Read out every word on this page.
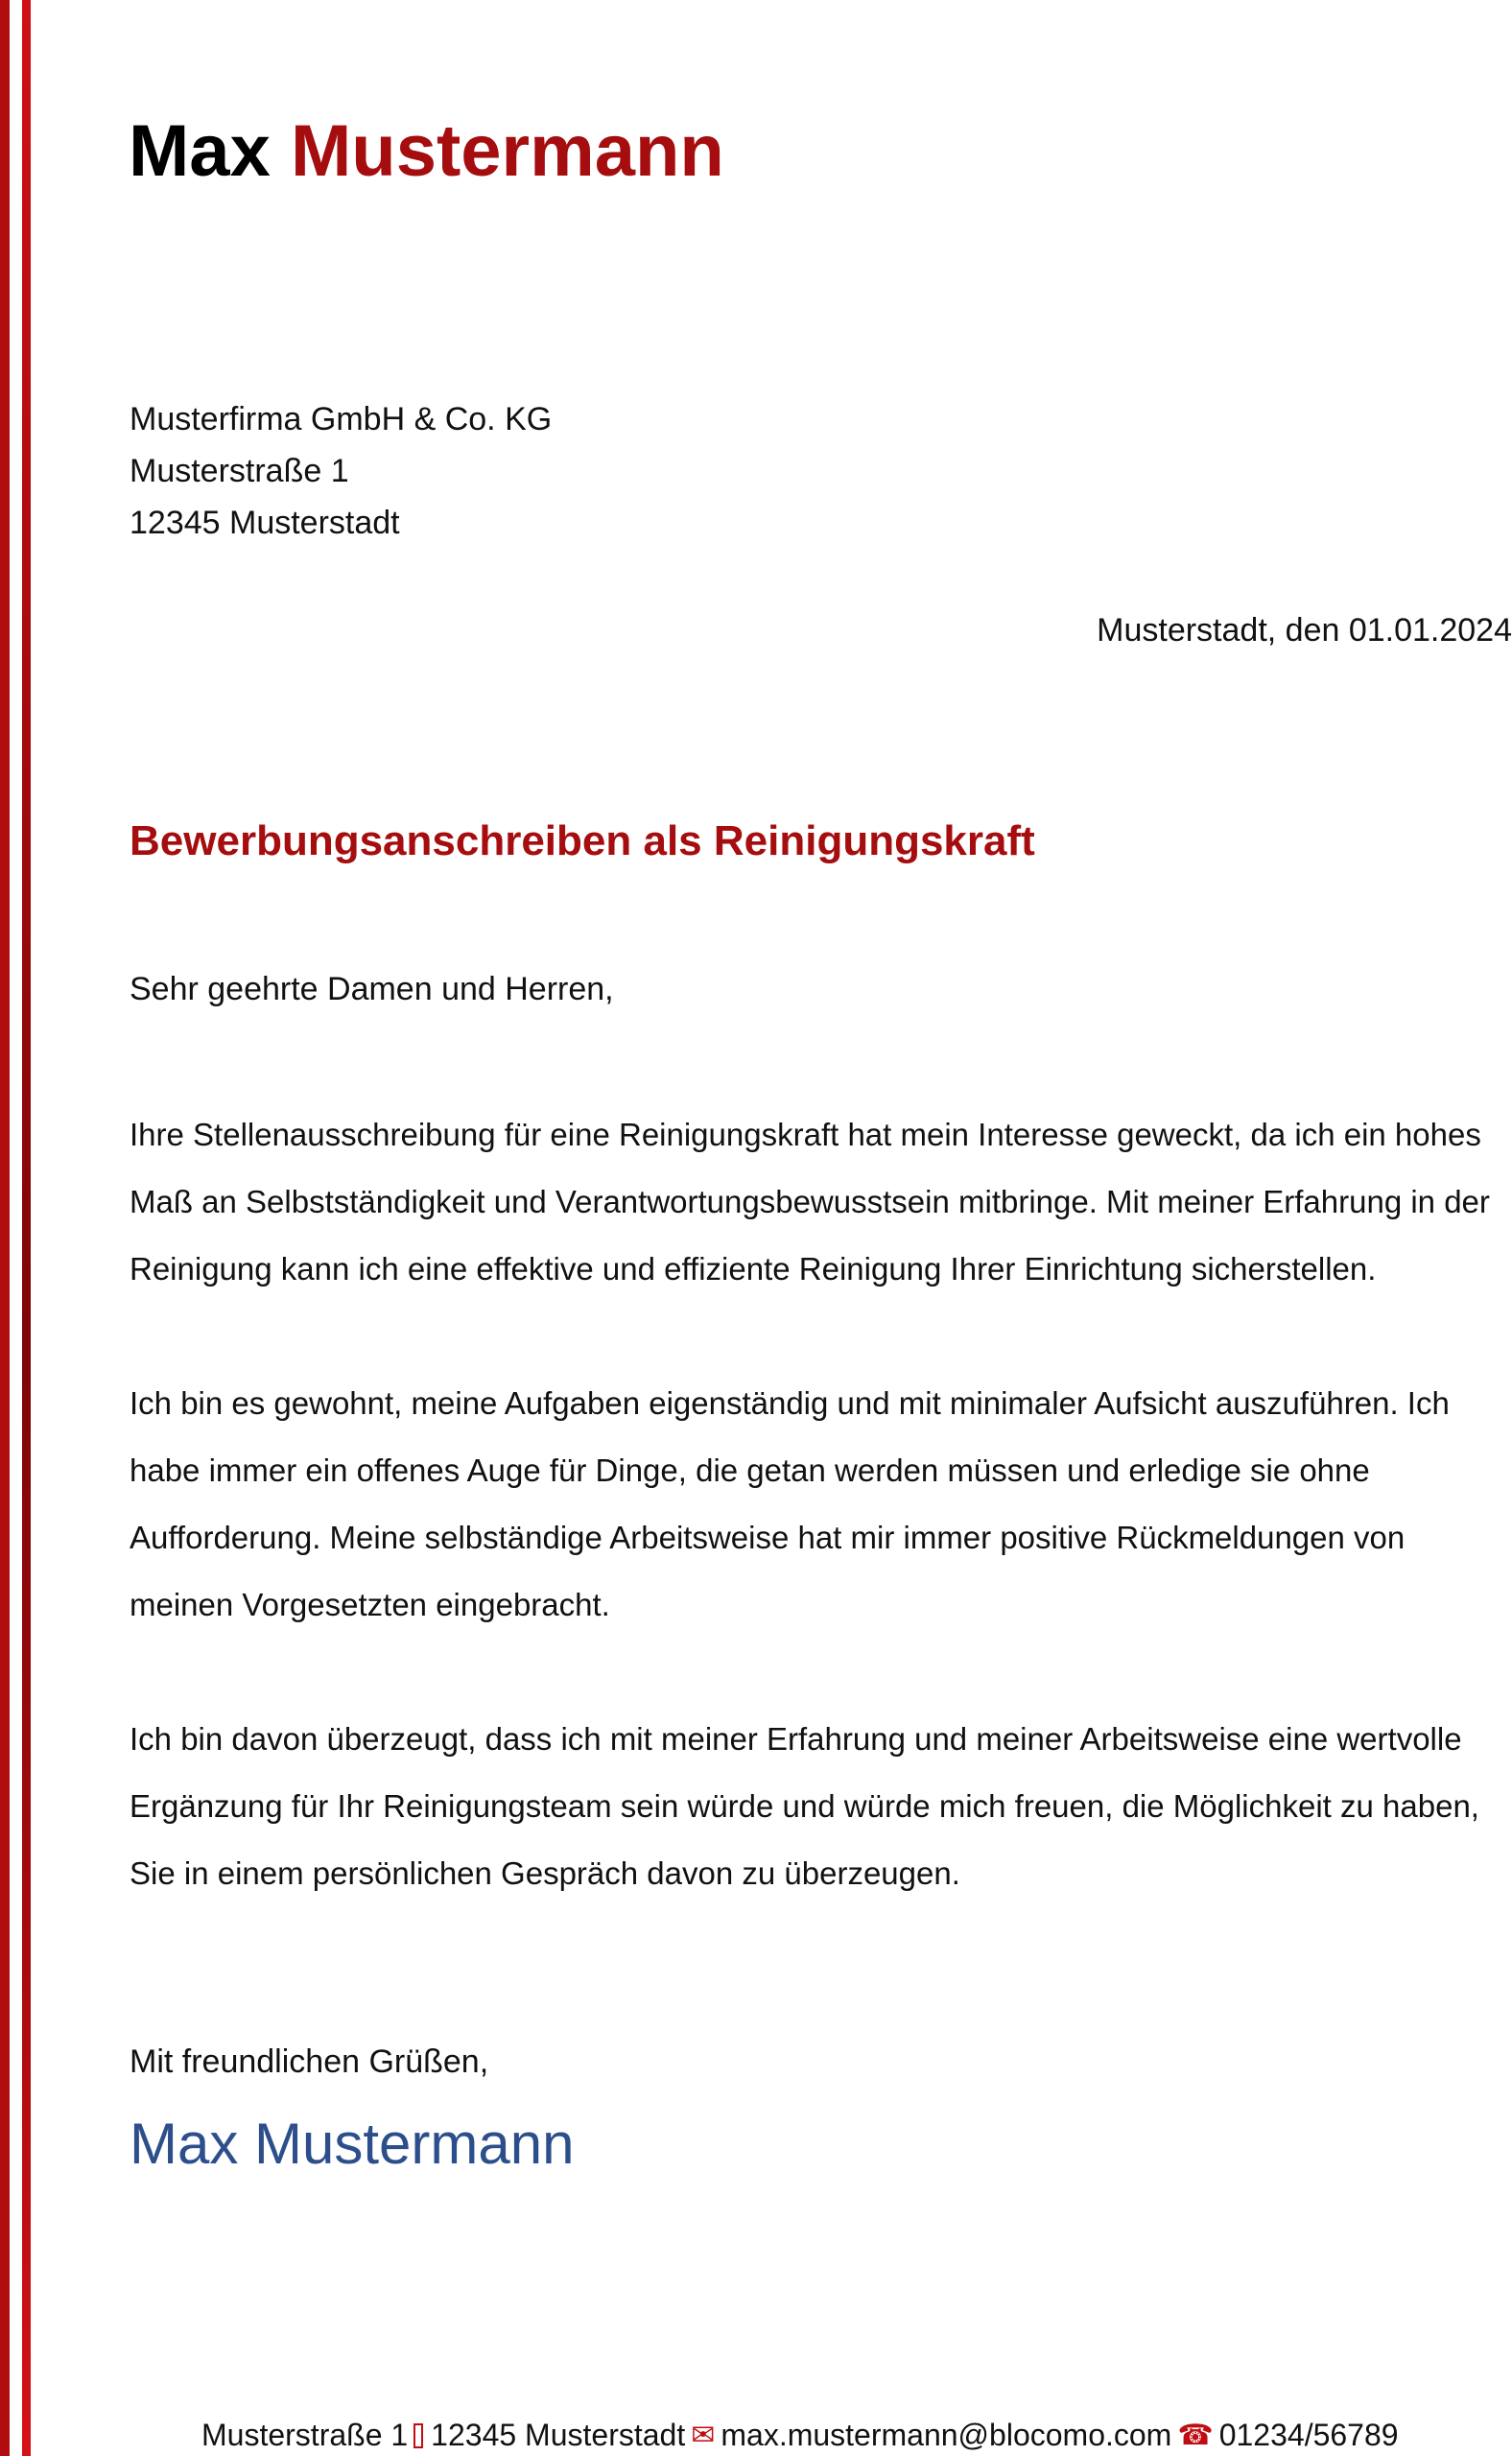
Max Mustermann
Musterfirma GmbH & Co. KG
Musterstraße 1
12345 Musterstadt
Musterstadt, den 01.01.2024
Bewerbungsanschreiben als Reinigungskraft
Sehr geehrte Damen und Herren,

Ihre Stellenausschreibung für eine Reinigungskraft hat mein Interesse geweckt, da ich ein hohes Maß an Selbstständigkeit und Verantwortungsbewusstsein mitbringe. Mit meiner Erfahrung in der Reinigung kann ich eine effektive und effiziente Reinigung Ihrer Einrichtung sicherstellen.

Ich bin es gewohnt, meine Aufgaben eigenständig und mit minimaler Aufsicht auszuführen. Ich habe immer ein offenes Auge für Dinge, die getan werden müssen und erledige sie ohne Aufforderung. Meine selbständige Arbeitsweise hat mir immer positive Rückmeldungen von meinen Vorgesetzten eingebracht.

Ich bin davon überzeugt, dass ich mit meiner Erfahrung und meiner Arbeitsweise eine wertvolle Ergänzung für Ihr Reinigungsteam sein würde und würde mich freuen, die Möglichkeit zu haben, Sie in einem persönlichen Gespräch davon zu überzeugen.

Mit freundlichen Grüßen,
Max Mustermann
Musterstraße 1 12345 Musterstadt ✉ max.mustermann@blocomo.com ☎ 01234/56789
